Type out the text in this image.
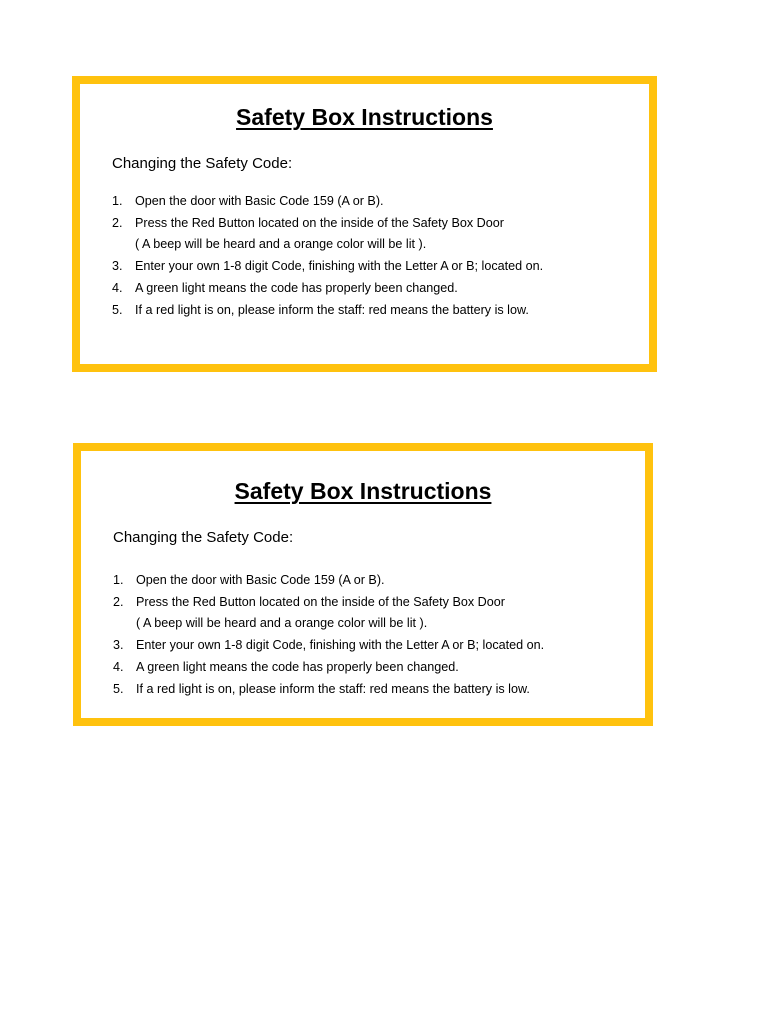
Safety Box Instructions

Changing the Safety Code:

1. Open the door with Basic Code 159 (A or B).
2. Press the Red Button located on the inside of the Safety Box Door
( A beep will be heard and a orange color will be lit ).
3. Enter your own 1-8 digit Code, finishing with the Letter A or B; located on.
4. A green light means the code has properly been changed.
5. If a red light is on, please inform the staff: red means the battery is low.
Safety Box Instructions

Changing the Safety Code:

1. Open the door with Basic Code 159 (A or B).
2. Press the Red Button located on the inside of the Safety Box Door
( A beep will be heard and a orange color will be lit ).
3. Enter your own 1-8 digit Code, finishing with the Letter A or B; located on.
4. A green light means the code has properly been changed.
5. If a red light is on, please inform the staff: red means the battery is low.
